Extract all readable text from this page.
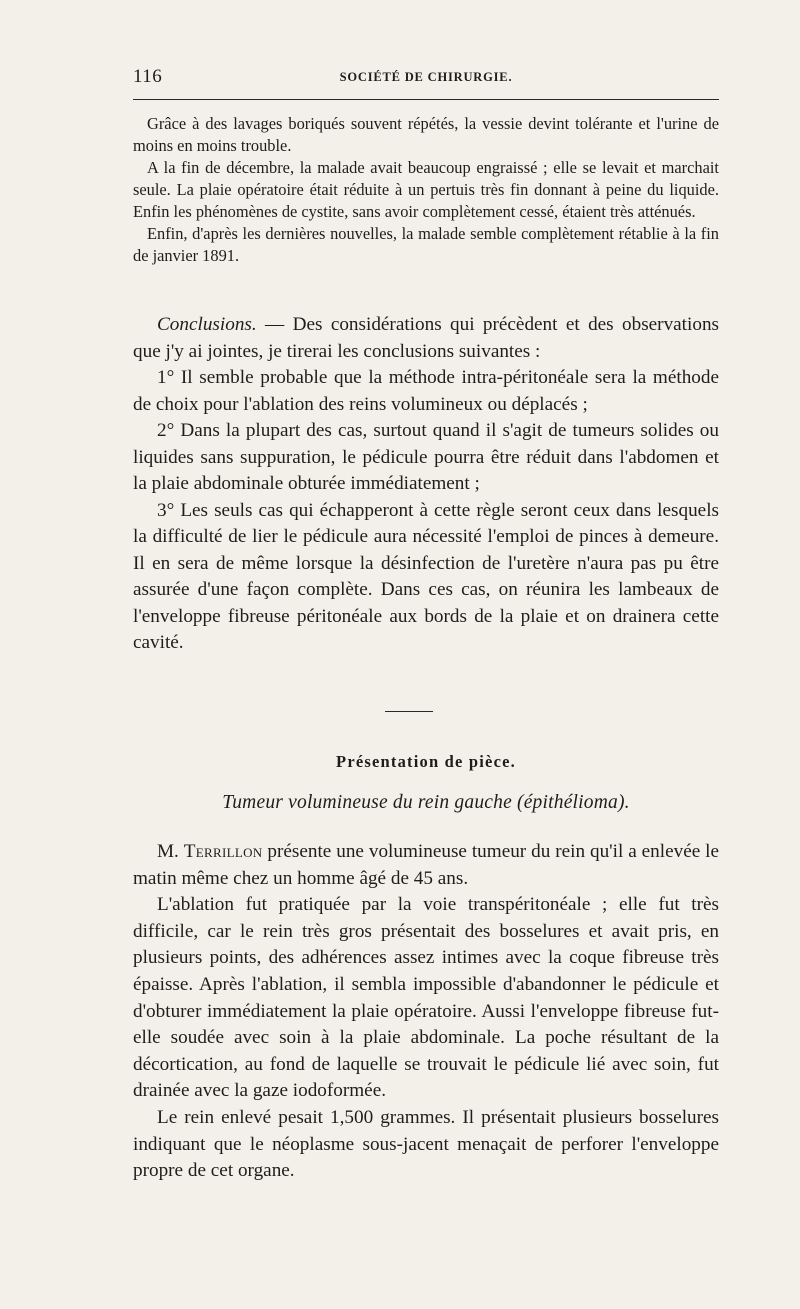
116	SOCIÉTÉ DE CHIRURGIE.

Grâce à des lavages boriqués souvent répétés, la vessie devint tolérante et l'urine de moins en moins trouble.

A la fin de décembre, la malade avait beaucoup engraissé ; elle se levait et marchait seule. La plaie opératoire était réduite à un pertuis très fin donnant à peine du liquide. Enfin les phénomènes de cystite, sans avoir complètement cessé, étaient très atténués.

Enfin, d'après les dernières nouvelles, la malade semble complètement rétablie à la fin de janvier 1891.

Conclusions. — Des considérations qui précèdent et des observations que j'y ai jointes, je tirerai les conclusions suivantes :

1° Il semble probable que la méthode intra-péritonéale sera la méthode de choix pour l'ablation des reins volumineux ou déplacés ;

2° Dans la plupart des cas, surtout quand il s'agit de tumeurs solides ou liquides sans suppuration, le pédicule pourra être réduit dans l'abdomen et la plaie abdominale obturée immédiatement ;

3° Les seuls cas qui échapperont à cette règle seront ceux dans lesquels la difficulté de lier le pédicule aura nécessité l'emploi de pinces à demeure. Il en sera de même lorsque la désinfection de l'uretère n'aura pas pu être assurée d'une façon complète. Dans ces cas, on réunira les lambeaux de l'enveloppe fibreuse péritonéale aux bords de la plaie et on drainera cette cavité.

Présentation de pièce.
Tumeur volumineuse du rein gauche (épithélioma).

M. Terrillon présente une volumineuse tumeur du rein qu'il a enlevée le matin même chez un homme âgé de 45 ans.

L'ablation fut pratiquée par la voie transpéritonéale ; elle fut très difficile, car le rein très gros présentait des bosselures et avait pris, en plusieurs points, des adhérences assez intimes avec la coque fibreuse très épaisse. Après l'ablation, il sembla impossible d'abandonner le pédicule et d'obturer immédiatement la plaie opératoire. Aussi l'enveloppe fibreuse fut-elle soudée avec soin à la plaie abdominale. La poche résultant de la décortication, au fond de laquelle se trouvait le pédicule lié avec soin, fut drainée avec la gaze iodoformée.

Le rein enlevé pesait 1,500 grammes. Il présentait plusieurs bosselures indiquant que le néoplasme sous-jacent menaçait de perforer l'enveloppe propre de cet organe.
